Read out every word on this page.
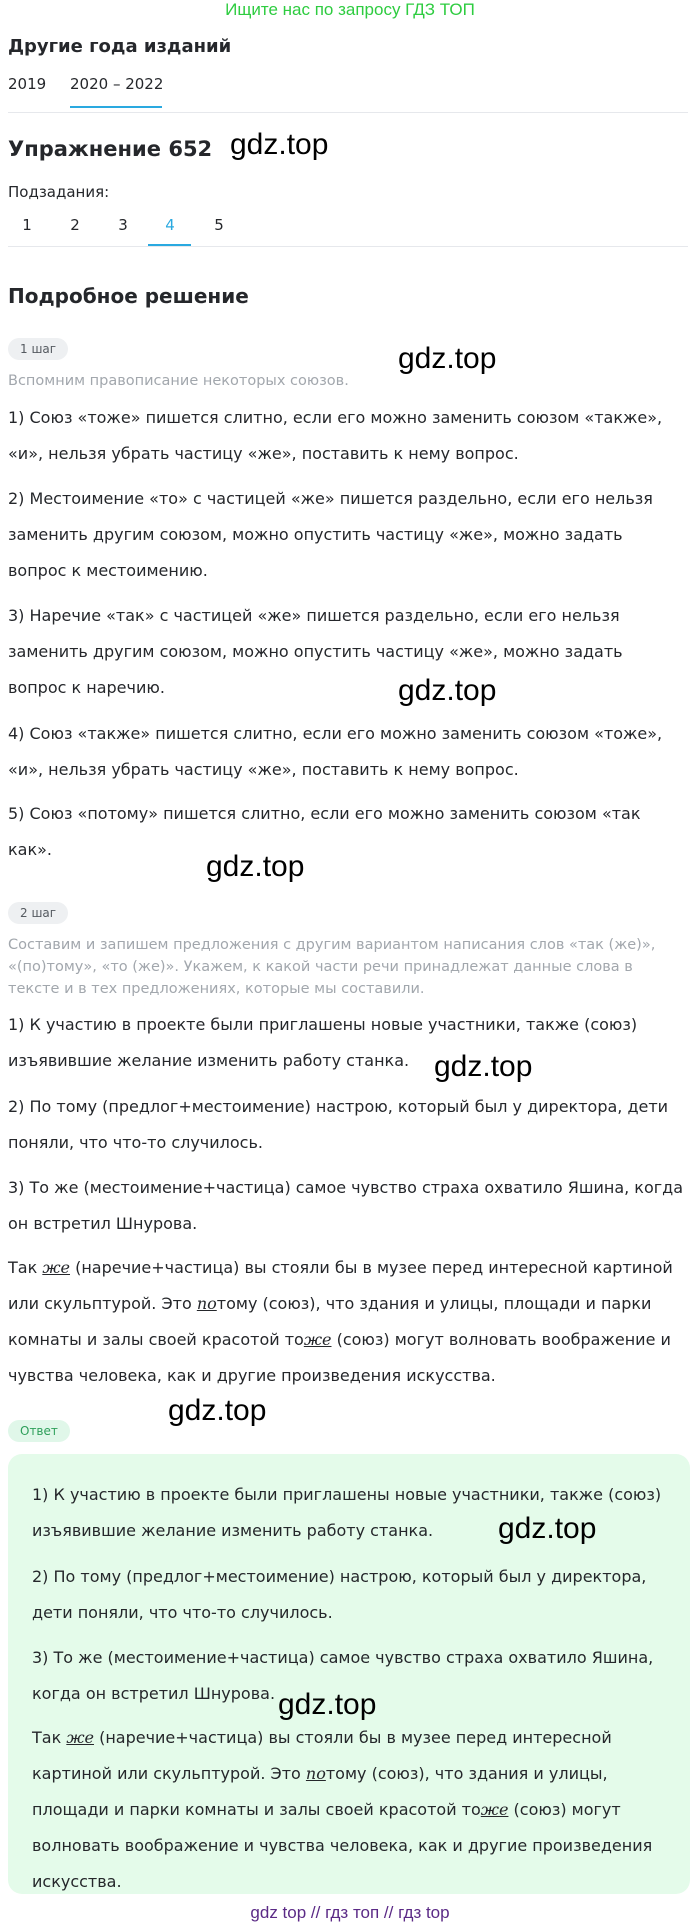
Ищите нас по запросу ГДЗ ТОП
Другие года изданий
2019 2020 – 2022
Упражнение 652 gdz.top
Подзадания:
1	2	3	4	5
Подробное решение
1 шаг	gdz.top
Вспомним правописание некоторых союзов.
1) Союз «тоже» пишется слитно, если его можно заменить союзом «также», «и», нельзя убрать частицу «же», поставить к нему вопрос.
2) Местоимение «то» с частицей «же» пишется раздельно, если его нельзя заменить другим союзом, можно опустить частицу «же», можно задать вопрос к местоимению.
3) Наречие «так» с частицей «же» пишется раздельно, если его нельзя заменить другим союзом, можно опустить частицу «же», можно задать вопрос к наречию.	gdz.top
4) Союз «также» пишется слитно, если его можно заменить союзом «тоже», «и», нельзя убрать частицу «же», поставить к нему вопрос.
5) Союз «потому» пишется слитно, если его можно заменить союзом «так как».
gdz.top
2 шаг
Составим и запишем предложения с другим вариантом написания слов «так (же)», «(по)тому», «то (же)». Укажем, к какой части речи принадлежат данные слова в тексте и в тех предложениях, которые мы составили.
1) К участию в проекте были приглашены новые участники, также (союз) изъявившие желание изменить работу станка. gdz.top
2) По тому (предлог+местоимение) настрою, который был у директора, дети поняли, что что-то случилось.
3) То же (местоимение+частица) самое чувство страха охватило Яшина, когда он встретил Шнурова.
Так же (наречие+частица) вы стояли бы в музее перед интересной картиной или скульптурой. Это потому (союз), что здания и улицы, площади и парки комнаты и залы своей красотой тоже (союз) могут волновать воображение и чувства человека, как и другие произведения искусства.
gdz.top
Ответ
1) К участию в проекте были приглашены новые участники, также (союз) изъявившие желание изменить работу станка.	gdz.top
2) По тому (предлог+местоимение) настрою, который был у директора, дети поняли, что что-то случилось.
3) То же (местоимение+частица) самое чувство страха охватило Яшина, когда он встретил Шнурова. gdz.top
Так же (наречие+частица) вы стояли бы в музее перед интересной картиной или скульптурой. Это потому (союз), что здания и улицы, площади и парки комнаты и залы своей красотой тоже (союз) могут волновать воображение и чувства человека, как и другие произведения искусства.
gdz top // гдз топ // гдз top
